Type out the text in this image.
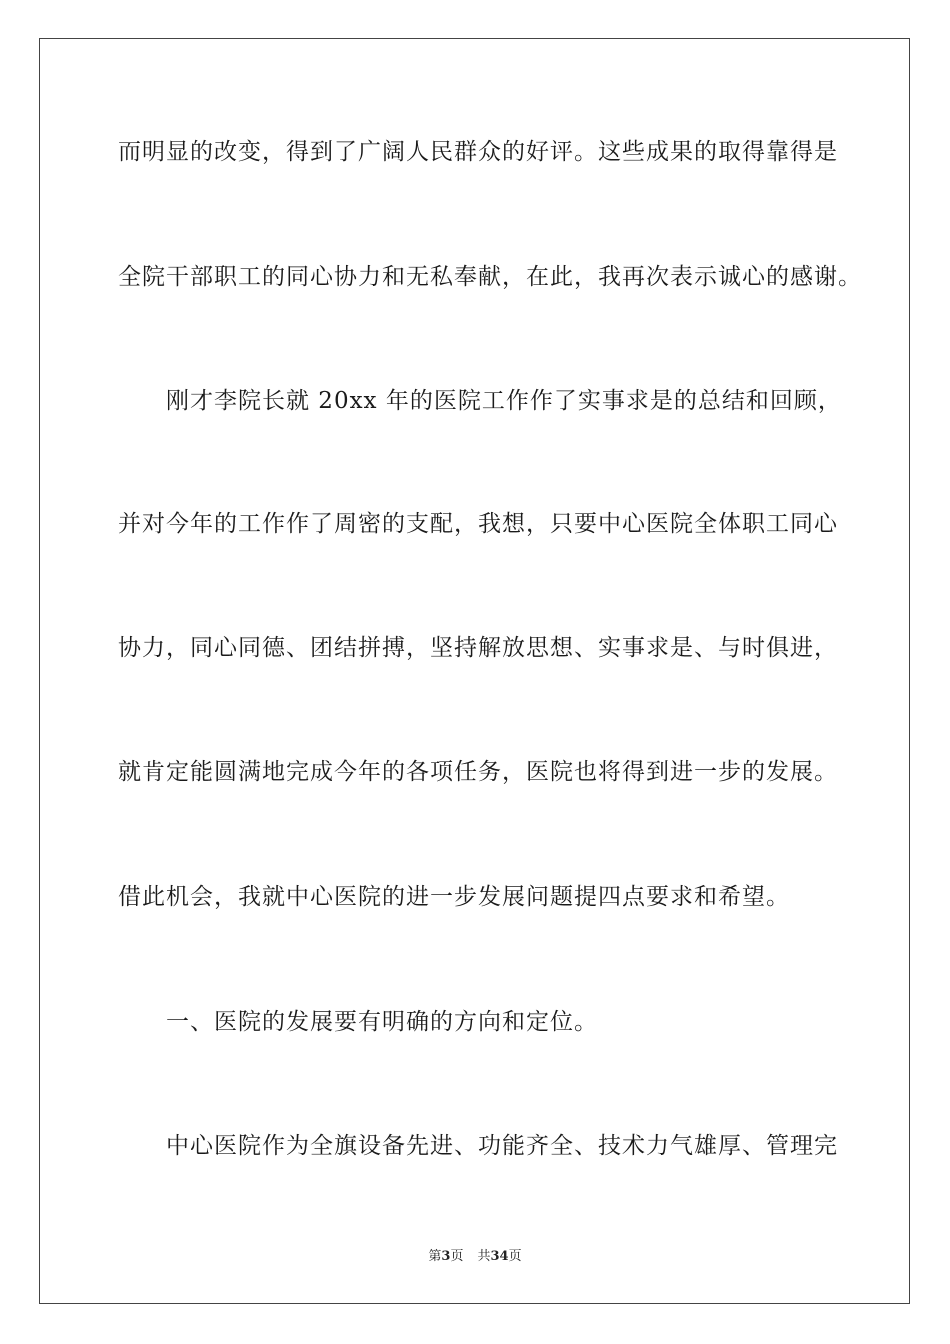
而明显的改变，得到了广阔人民群众的好评。这些成果的取得靠得是
全院干部职工的同心协力和无私奉献，在此，我再次表示诚心的感谢。
刚才李院长就 20xx 年的医院工作作了实事求是的总结和回顾，
并对今年的工作作了周密的支配，我想，只要中心医院全体职工同心
协力，同心同德、团结拼搏，坚持解放思想、实事求是、与时俱进，
就肯定能圆满地完成今年的各项任务，医院也将得到进一步的发展。
借此机会，我就中心医院的进一步发展问题提四点要求和希望。
一、医院的发展要有明确的方向和定位。
中心医院作为全旗设备先进、功能齐全、技术力气雄厚、管理完
第3页 共34页
